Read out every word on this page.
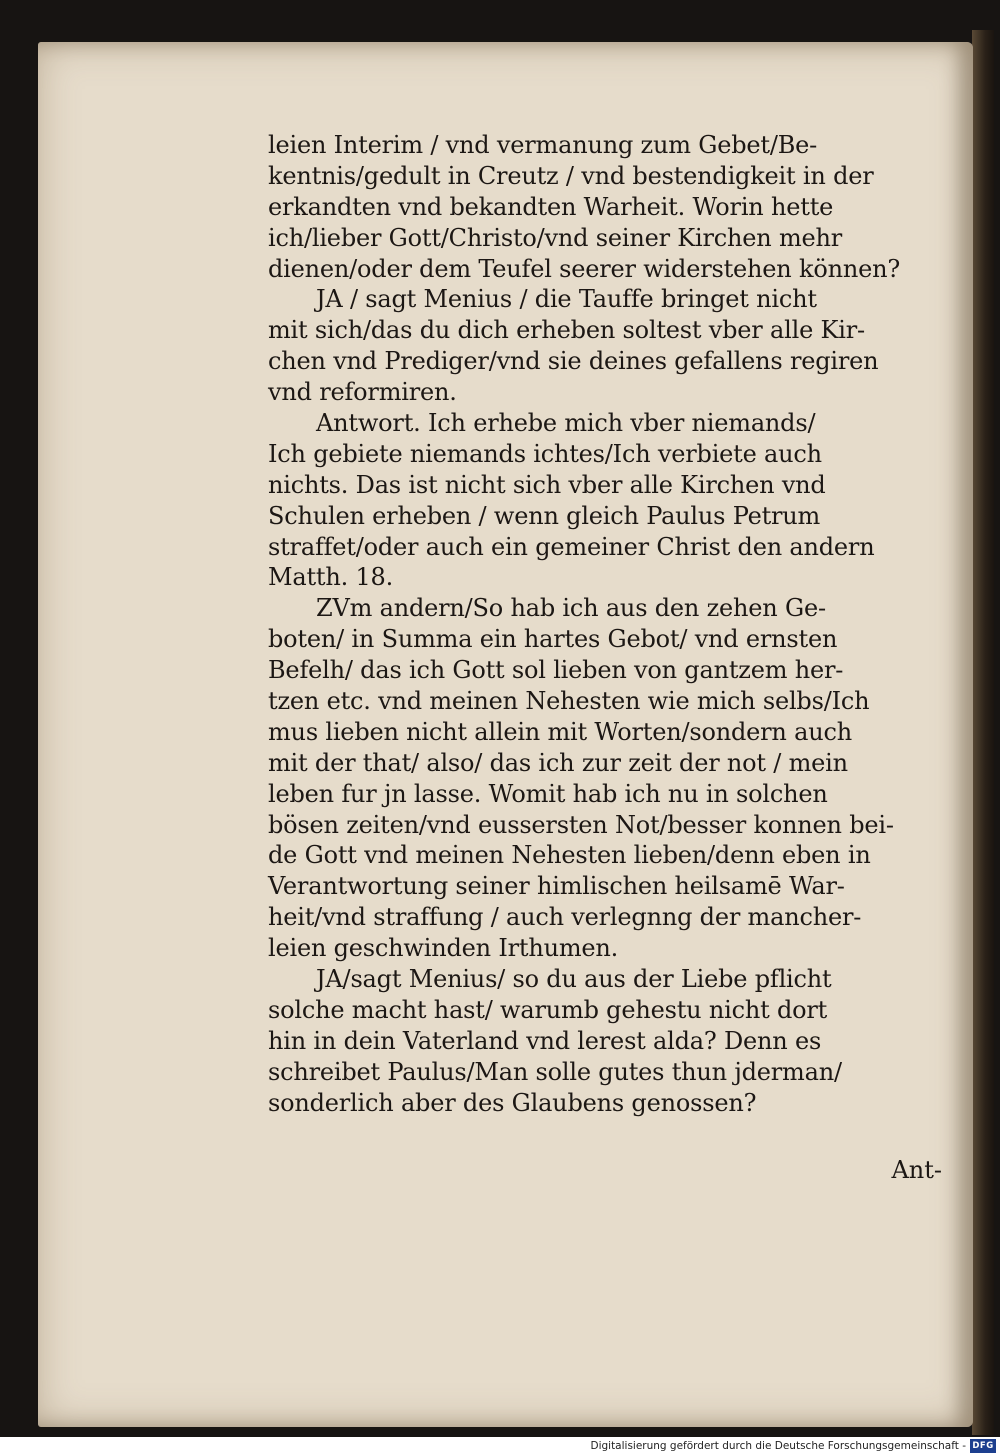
leien Interim / vnd vermanung zum Gebet/Be-
kentnis/gedult in Creutz / vnd bestendigkeit in der
erkandten vnd bekandten Warheit. Worin hette
ich/lieber Gott/Christo/vnd seiner Kirchen mehr
dienen/oder dem Teufel seerer widerstehen können?
JA / sagt Menius / die Tauffe bringet nicht
mit sich/das du dich erheben soltest vber alle Kir-
chen vnd Prediger/vnd sie deines gefallens regiren
vnd reformiren.
Antwort. Ich erhebe mich vber niemands/
Ich gebiete niemands ichtes/Ich verbiete auch
nichts. Das ist nicht sich vber alle Kirchen vnd
Schulen erheben / wenn gleich Paulus Petrum
straffet/oder auch ein gemeiner Christ den andern
Matth. 18.
ZVm andern/So hab ich aus den zehen Ge-
boten/ in Summa ein hartes Gebot/ vnd ernsten
Befelh/ das ich Gott sol lieben von gantzem her-
tzen etc. vnd meinen Nehesten wie mich selbs/Ich
mus lieben nicht allein mit Worten/sondern auch
mit der that/ also/ das ich zur zeit der not / mein
leben fur jn lasse. Womit hab ich nu in solchen
bösen zeiten/vnd eussersten Not/besser konnen bei-
de Gott vnd meinen Nehesten lieben/denn eben in
Verantwortung seiner himlischen heilsamē War-
heit/vnd straffung / auch verlegnng der mancher-
leien geschwinden Irthumen.
JA/sagt Menius/ so du aus der Liebe pflicht
solche macht hast/ warumb gehestu nicht dort
hin in dein Vaterland vnd lerest alda? Denn es
schreibet Paulus/Man solle gutes thun jderman/
sonderlich aber des Glaubens genossen?
Ant-
Digitalisierung gefördert durch die Deutsche Forschungsgemeinschaft - DFG
